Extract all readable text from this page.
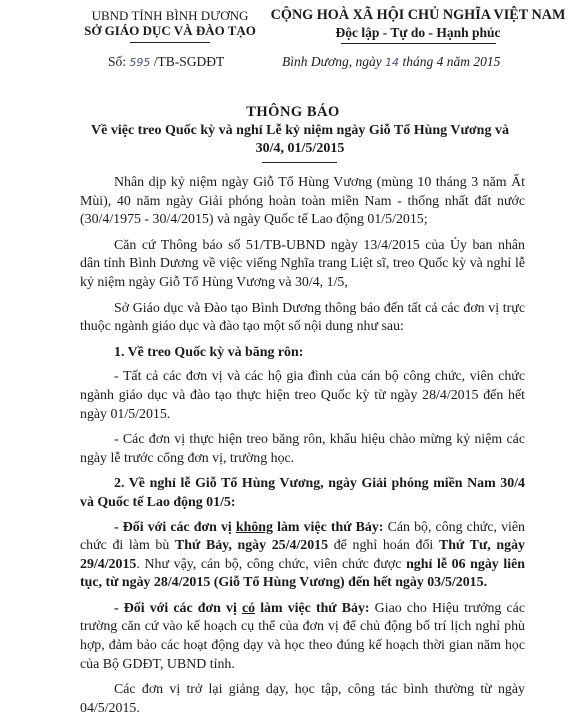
UBND TỈNH BÌNH DƯƠNG
SỞ GIÁO DỤC VÀ ĐÀO TẠO
CỘNG HOÀ XÃ HỘI CHỦ NGHĨA VIỆT NAM
Độc lập - Tự do - Hạnh phúc
Số: 595 /TB-SGDĐT	Bình Dương, ngày 14 tháng 4 năm 2015
THÔNG BÁO
Về việc treo Quốc kỳ và nghỉ Lễ kỷ niệm ngày Giỗ Tổ Hùng Vương và 30/4, 01/5/2015

Nhân dịp kỷ niệm ngày Giỗ Tổ Hùng Vương (mùng 10 tháng 3 năm Ất Mùi), 40 năm ngày Giải phóng hoàn toàn miền Nam - thống nhất đất nước (30/4/1975 - 30/4/2015) và ngày Quốc tế Lao động 01/5/2015;

Căn cứ Thông báo số 51/TB-UBND ngày 13/4/2015 của Ủy ban nhân dân tỉnh Bình Dương về việc viếng Nghĩa trang Liệt sĩ, treo Quốc kỳ và nghỉ lễ kỷ niệm ngày Giỗ Tổ Hùng Vương và 30/4, 1/5,

Sở Giáo dục và Đào tạo Bình Dương thông báo đến tất cả các đơn vị trực thuộc ngành giáo dục và đào tạo một số nội dung như sau:

1. Về treo Quốc kỳ và băng rôn:

- Tất cả các đơn vị và các hộ gia đình của cán bộ công chức, viên chức ngành giáo dục và đào tạo thực hiện treo Quốc kỳ từ ngày 28/4/2015 đến hết ngày 01/5/2015.

- Các đơn vị thực hiện treo băng rôn, khẩu hiệu chào mừng kỷ niệm các ngày lễ trước cổng đơn vị, trường học.

2. Về nghỉ lễ Giỗ Tổ Hùng Vương, ngày Giải phóng miền Nam 30/4 và Quốc tế Lao động 01/5:

- Đối với các đơn vị không làm việc thứ Bảy: Cán bộ, công chức, viên chức đi làm bù Thứ Bảy, ngày 25/4/2015 để nghỉ hoán đổi Thứ Tư, ngày 29/4/2015. Như vậy, cán bộ, công chức, viên chức được nghỉ lễ 06 ngày liên tục, từ ngày 28/4/2015 (Giỗ Tổ Hùng Vương) đến hết ngày 03/5/2015.

- Đối với các đơn vị có làm việc thứ Bảy: Giao cho Hiệu trưởng các trường căn cứ vào kế hoạch cụ thể của đơn vị để chủ động bố trí lịch nghỉ phù hợp, đảm bảo các hoạt động dạy và học theo đúng kế hoạch thời gian năm học của Bộ GDĐT, UBND tỉnh.

Các đơn vị trở lại giảng dạy, học tập, công tác bình thường từ ngày 04/5/2015.
